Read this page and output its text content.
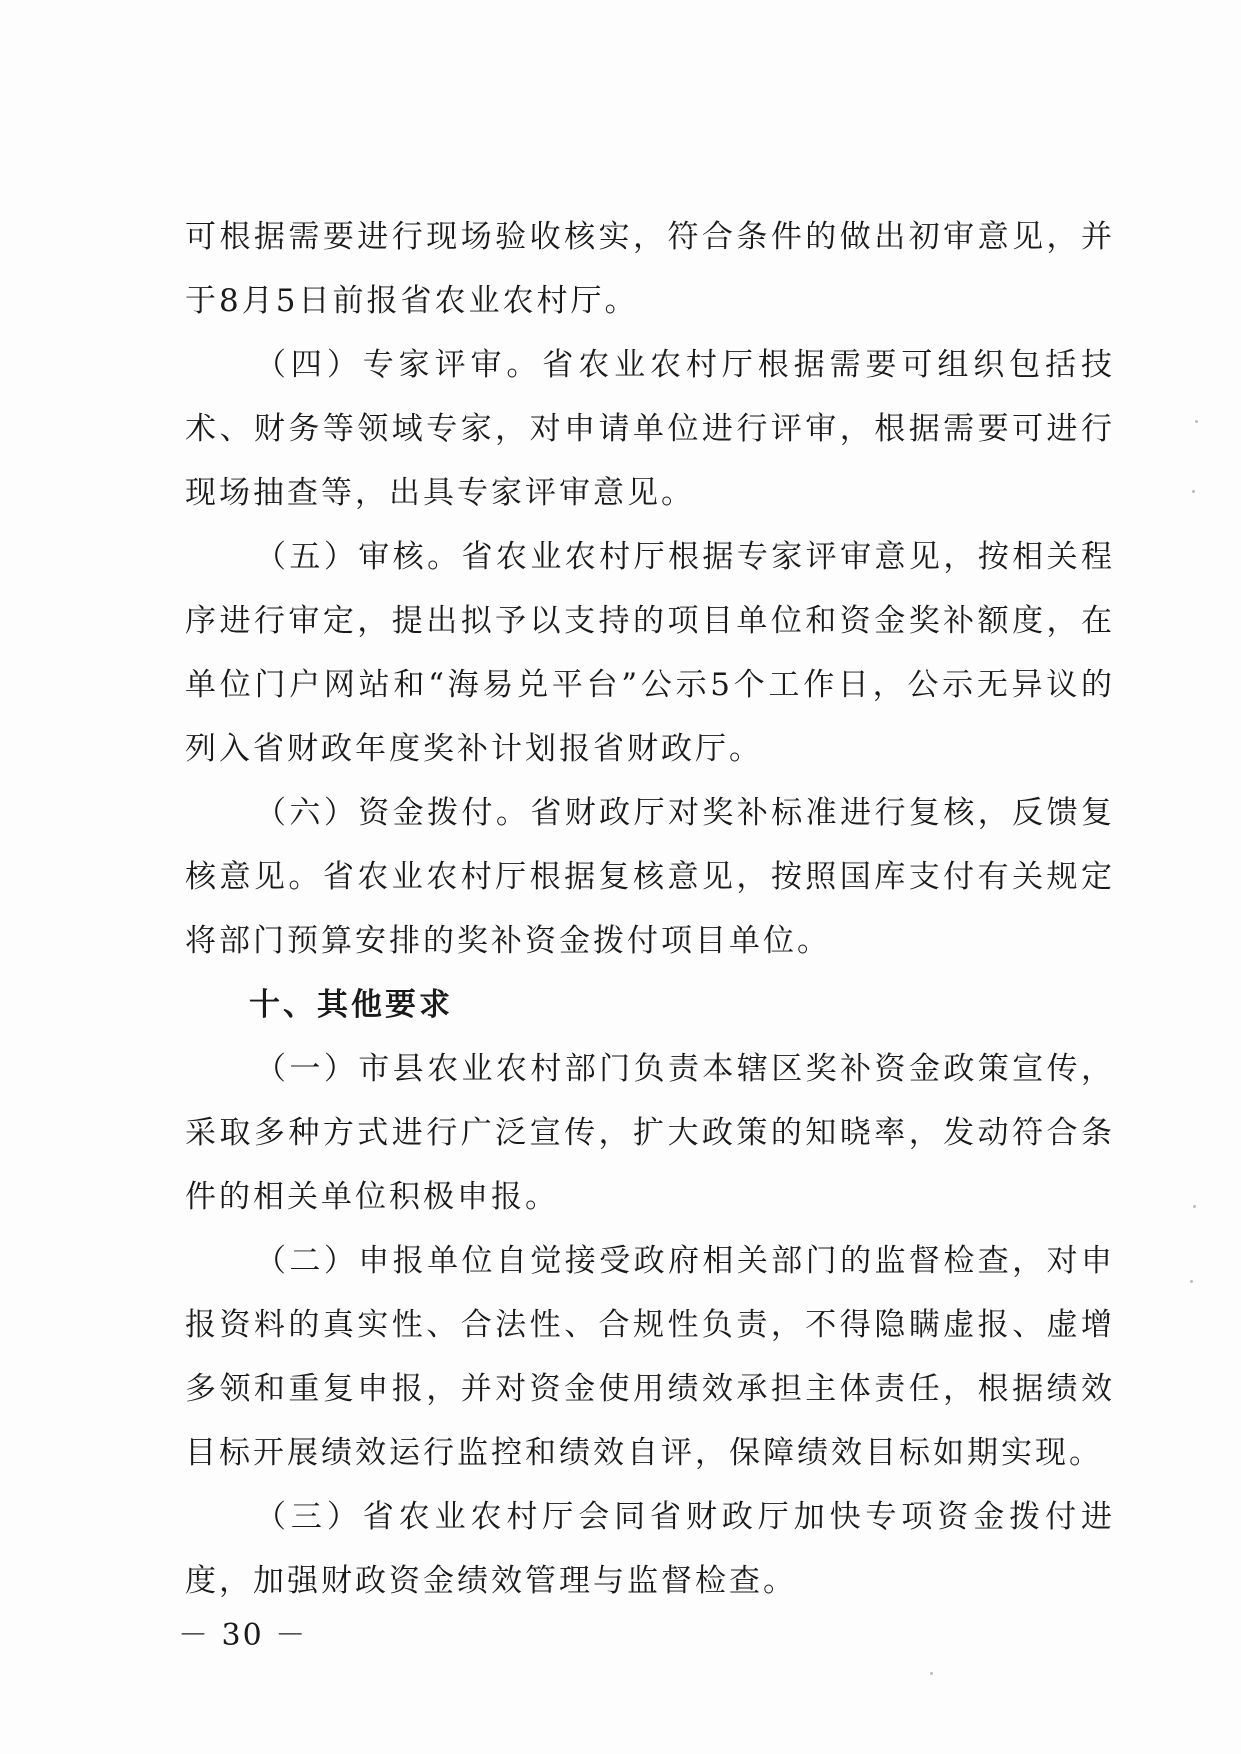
可根据需要进行现场验收核实，符合条件的做出初审意见，并于8月5日前报省农业农村厅。

（四）专家评审。省农业农村厅根据需要可组织包括技术、财务等领域专家，对申请单位进行评审，根据需要可进行现场抽查等，出具专家评审意见。

（五）审核。省农业农村厅根据专家评审意见，按相关程序进行审定，提出拟予以支持的项目单位和资金奖补额度，在单位门户网站和“海易兑平台”公示5个工作日，公示无异议的列入省财政年度奖补计划报省财政厅。

（六）资金拨付。省财政厅对奖补标准进行复核，反馈复核意见。省农业农村厅根据复核意见，按照国库支付有关规定将部门预算安排的奖补资金拨付项目单位。

十、其他要求

（一）市县农业农村部门负责本辖区奖补资金政策宣传，采取多种方式进行广泛宣传，扩大政策的知晓率，发动符合条件的相关单位积极申报。

（二）申报单位自觉接受政府相关部门的监督检查，对申报资料的真实性、合法性、合规性负责，不得隐瞒虚报、虚增多领和重复申报，并对资金使用绩效承担主体责任，根据绩效目标开展绩效运行监控和绩效自评，保障绩效目标如期实现。

（三）省农业农村厅会同省财政厅加快专项资金拨付进度，加强财政资金绩效管理与监督检查。

－ 30 －
